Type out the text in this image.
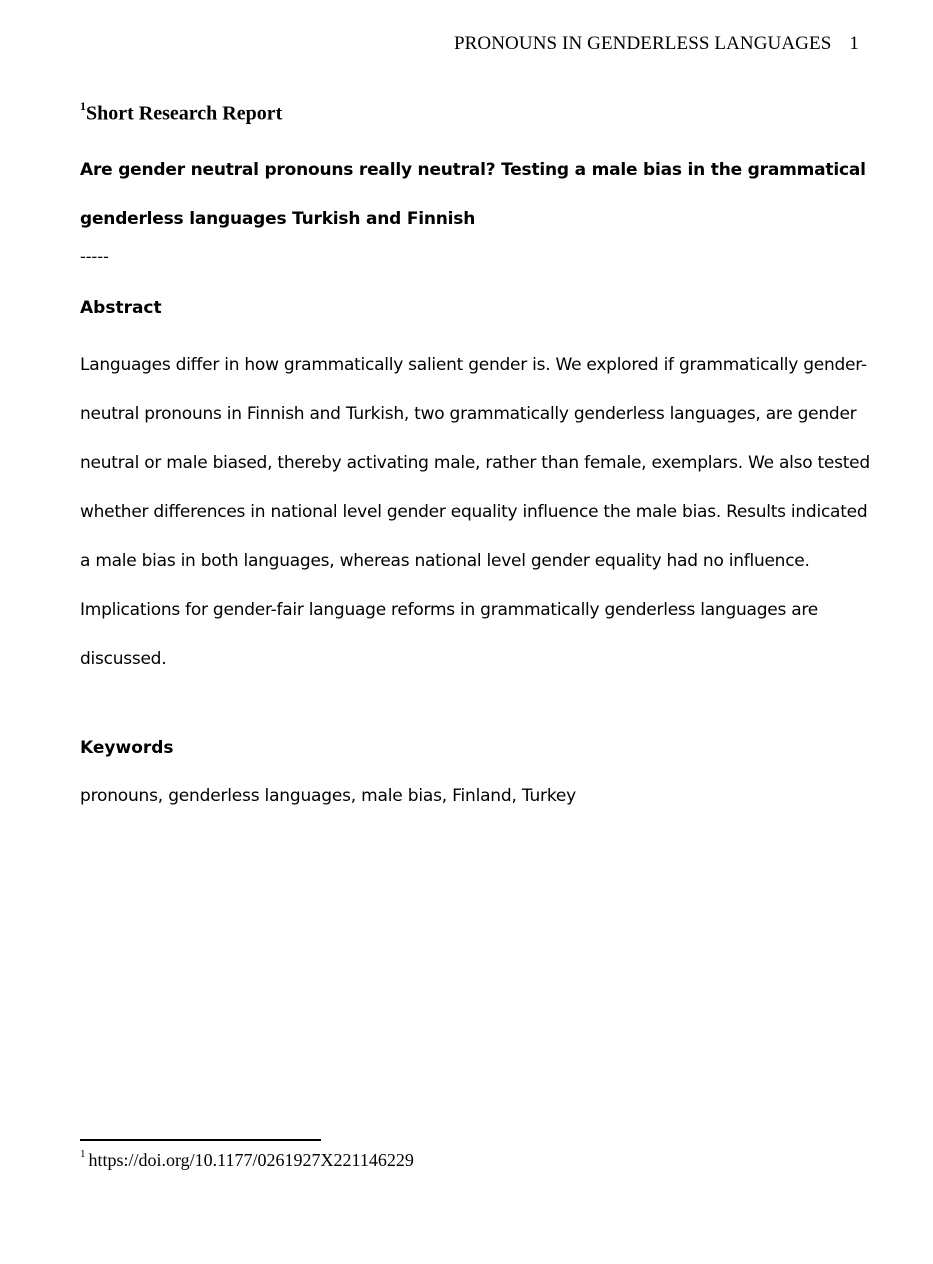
PRONOUNS IN GENDERLESS LANGUAGES 1
$^1$Short Research Report
Are gender neutral pronouns really neutral? Testing a male bias in the grammatical
genderless languages Turkish and Finnish
-----
Abstract
Languages differ in how grammatically salient gender is. We explored if grammatically gender-
neutral pronouns in Finnish and Turkish, two grammatically genderless languages, are gender
neutral or male biased, thereby activating male, rather than female, exemplars. We also tested
whether differences in national level gender equality influence the male bias. Results indicated
a male bias in both languages, whereas national level gender equality had no influence.
Implications for gender-fair language reforms in grammatically genderless languages are
discussed.
Keywords
pronouns, genderless languages, male bias, Finland, Turkey
$^1$ https://doi.org/10.1177/0261927X221146229
